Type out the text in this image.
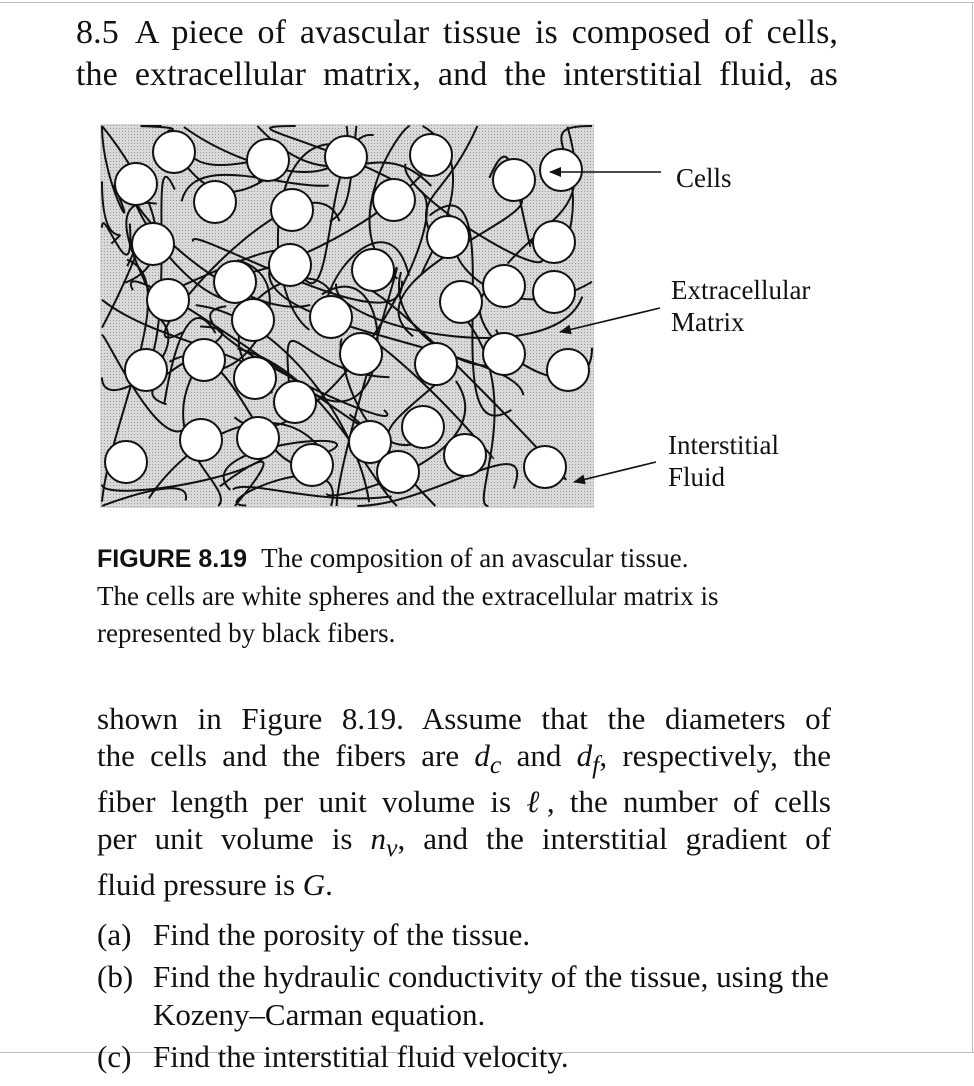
8.5 A piece of avascular tissue is composed of cells,
the extracellular matrix, and the interstitial fluid, as
Cells
Extracellular
Matrix
Interstitial
Fluid
FIGURE 8.19 The composition of an avascular tissue.
The cells are white spheres and the extracellular matrix is
represented by black fibers.
shown in Figure 8.19. Assume that the diameters of
the cells and the fibers are $d_c$ and $d_f$, respectively, the
fiber length per unit volume is ℓ, the number of cells
per unit volume is $n_v$, and the interstitial gradient of
fluid pressure is G.
(a) Find the porosity of the tissue.
(b) Find the hydraulic conductivity of the tissue, using the Kozeny–Carman equation.
(c) Find the interstitial fluid velocity.
